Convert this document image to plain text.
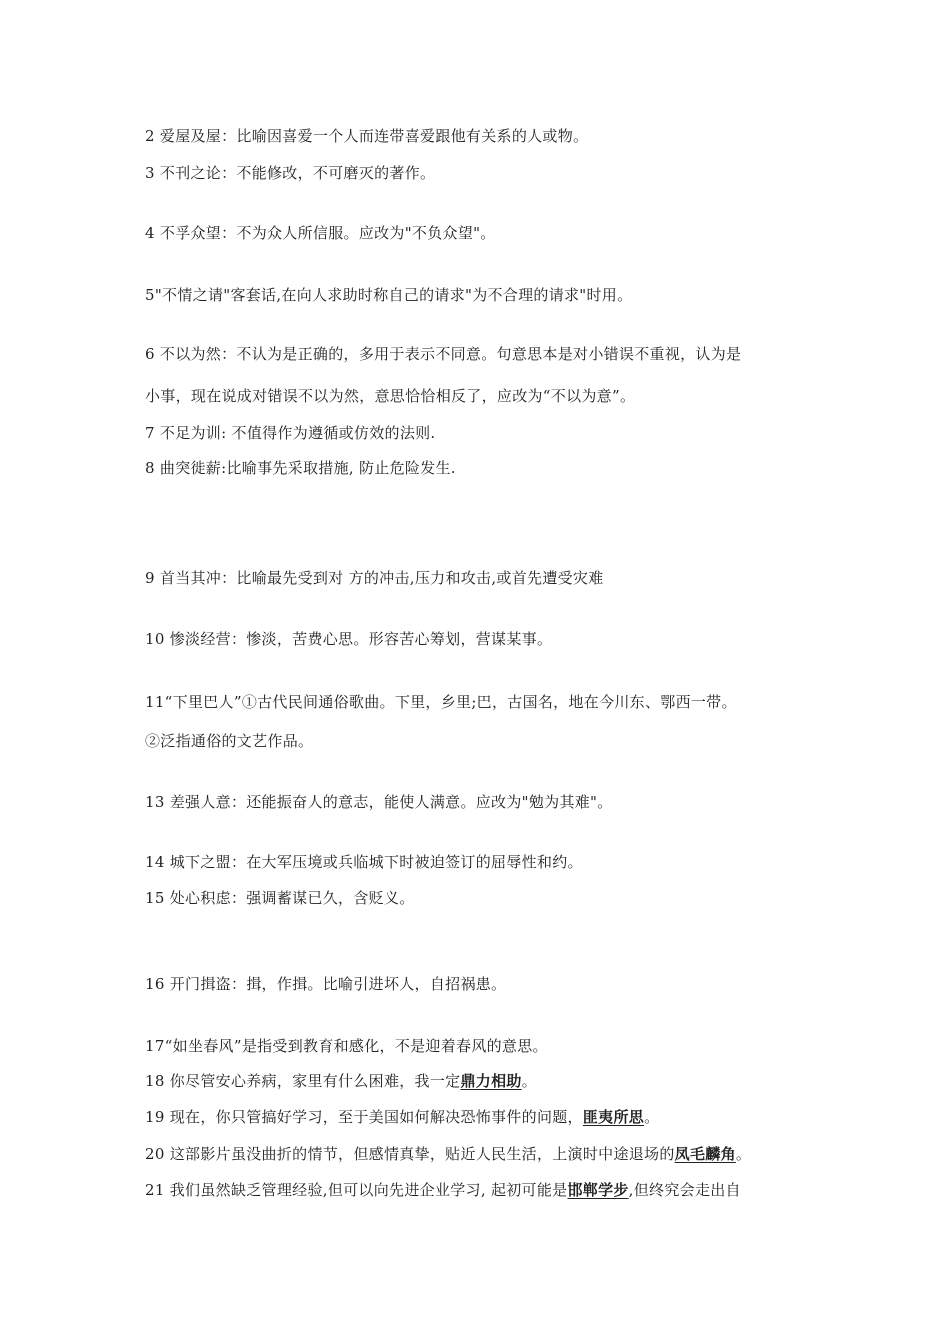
2 爱屋及屋：比喻因喜爱一个人而连带喜爱跟他有关系的人或物。
3 不刊之论：不能修改，不可磨灭的著作。
4 不孚众望：不为众人所信服。应改为"不负众望"。
5"不情之请"客套话,在向人求助时称自己的请求"为不合理的请求"时用。
6 不以为然：不认为是正确的，多用于表示不同意。句意思本是对小错误不重视，认为是
小事，现在说成对错误不以为然，意思恰恰相反了，应改为“不以为意”。
7 不足为训: 不值得作为遵循或仿效的法则.
8 曲突徙薪:比喻事先采取措施, 防止危险发生.
9 首当其冲：比喻最先受到对 方的冲击,压力和攻击,或首先遭受灾难
10 惨淡经营：惨淡，苦费心思。形容苦心筹划，营谋某事。
11“下里巴人”①古代民间通俗歌曲。下里，乡里;巴，古国名，地在今川东、鄂西一带。
②泛指通俗的文艺作品。
13 差强人意：还能振奋人的意志，能使人满意。应改为"勉为其难"。
14 城下之盟：在大军压境或兵临城下时被迫签订的屈辱性和约。
15 处心积虑：强调蓄谋已久，含贬义。
16 开门揖盗：揖，作揖。比喻引进坏人，自招祸患。
17“如坐春风”是指受到教育和感化，不是迎着春风的意思。
18 你尽管安心养病，家里有什么困难，我一定鼎力相助。
19 现在，你只管搞好学习，至于美国如何解决恐怖事件的问题，匪夷所思。
20 这部影片虽没曲折的情节，但感情真挚，贴近人民生活，上演时中途退场的凤毛麟角。
21 我们虽然缺乏管理经验,但可以向先进企业学习, 起初可能是邯郸学步,但终究会走出自
